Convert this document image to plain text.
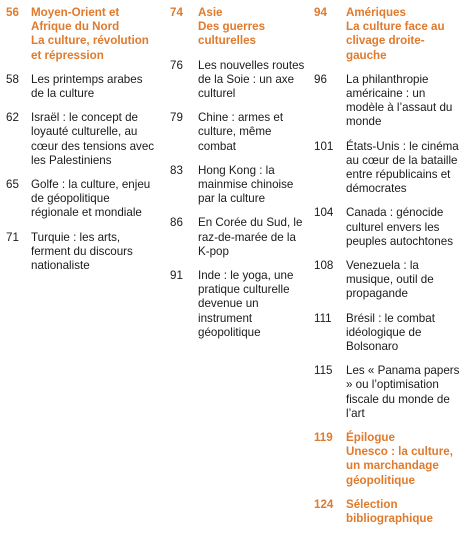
56	Moyen-Orient et Afrique du Nord
La culture, révolution et répression
58	Les printemps arabes de la culture
62	Israël : le concept de loyauté culturelle, au cœur des tensions avec les Palestiniens
65	Golfe : la culture, enjeu de géopolitique régionale et mondiale
71	Turquie : les arts, ferment du discours nationaliste
74	Asie
Des guerres culturelles
76	Les nouvelles routes de la Soie : un axe culturel
79	Chine : armes et culture, même combat
83	Hong Kong : la mainmise chinoise par la culture
86	En Corée du Sud, le raz-de-marée de la K-pop
91	Inde : le yoga, une pratique culturelle devenue un instrument géopolitique
94	Amériques
La culture face au clivage droite-gauche
96	La philanthropie américaine : un modèle à l’assaut du monde
101	États-Unis : le cinéma au cœur de la bataille entre républicains et démocrates
104	Canada : génocide culturel envers les peuples autochtones
108	Venezuela : la musique, outil de propagande
111	Brésil : le combat idéologique de Bolsonaro
115	Les « Panama papers » ou l’optimisation fiscale du monde de l’art
119	Épilogue
Unesco : la culture, un marchandage géopolitique
124	Sélection bibliographique
